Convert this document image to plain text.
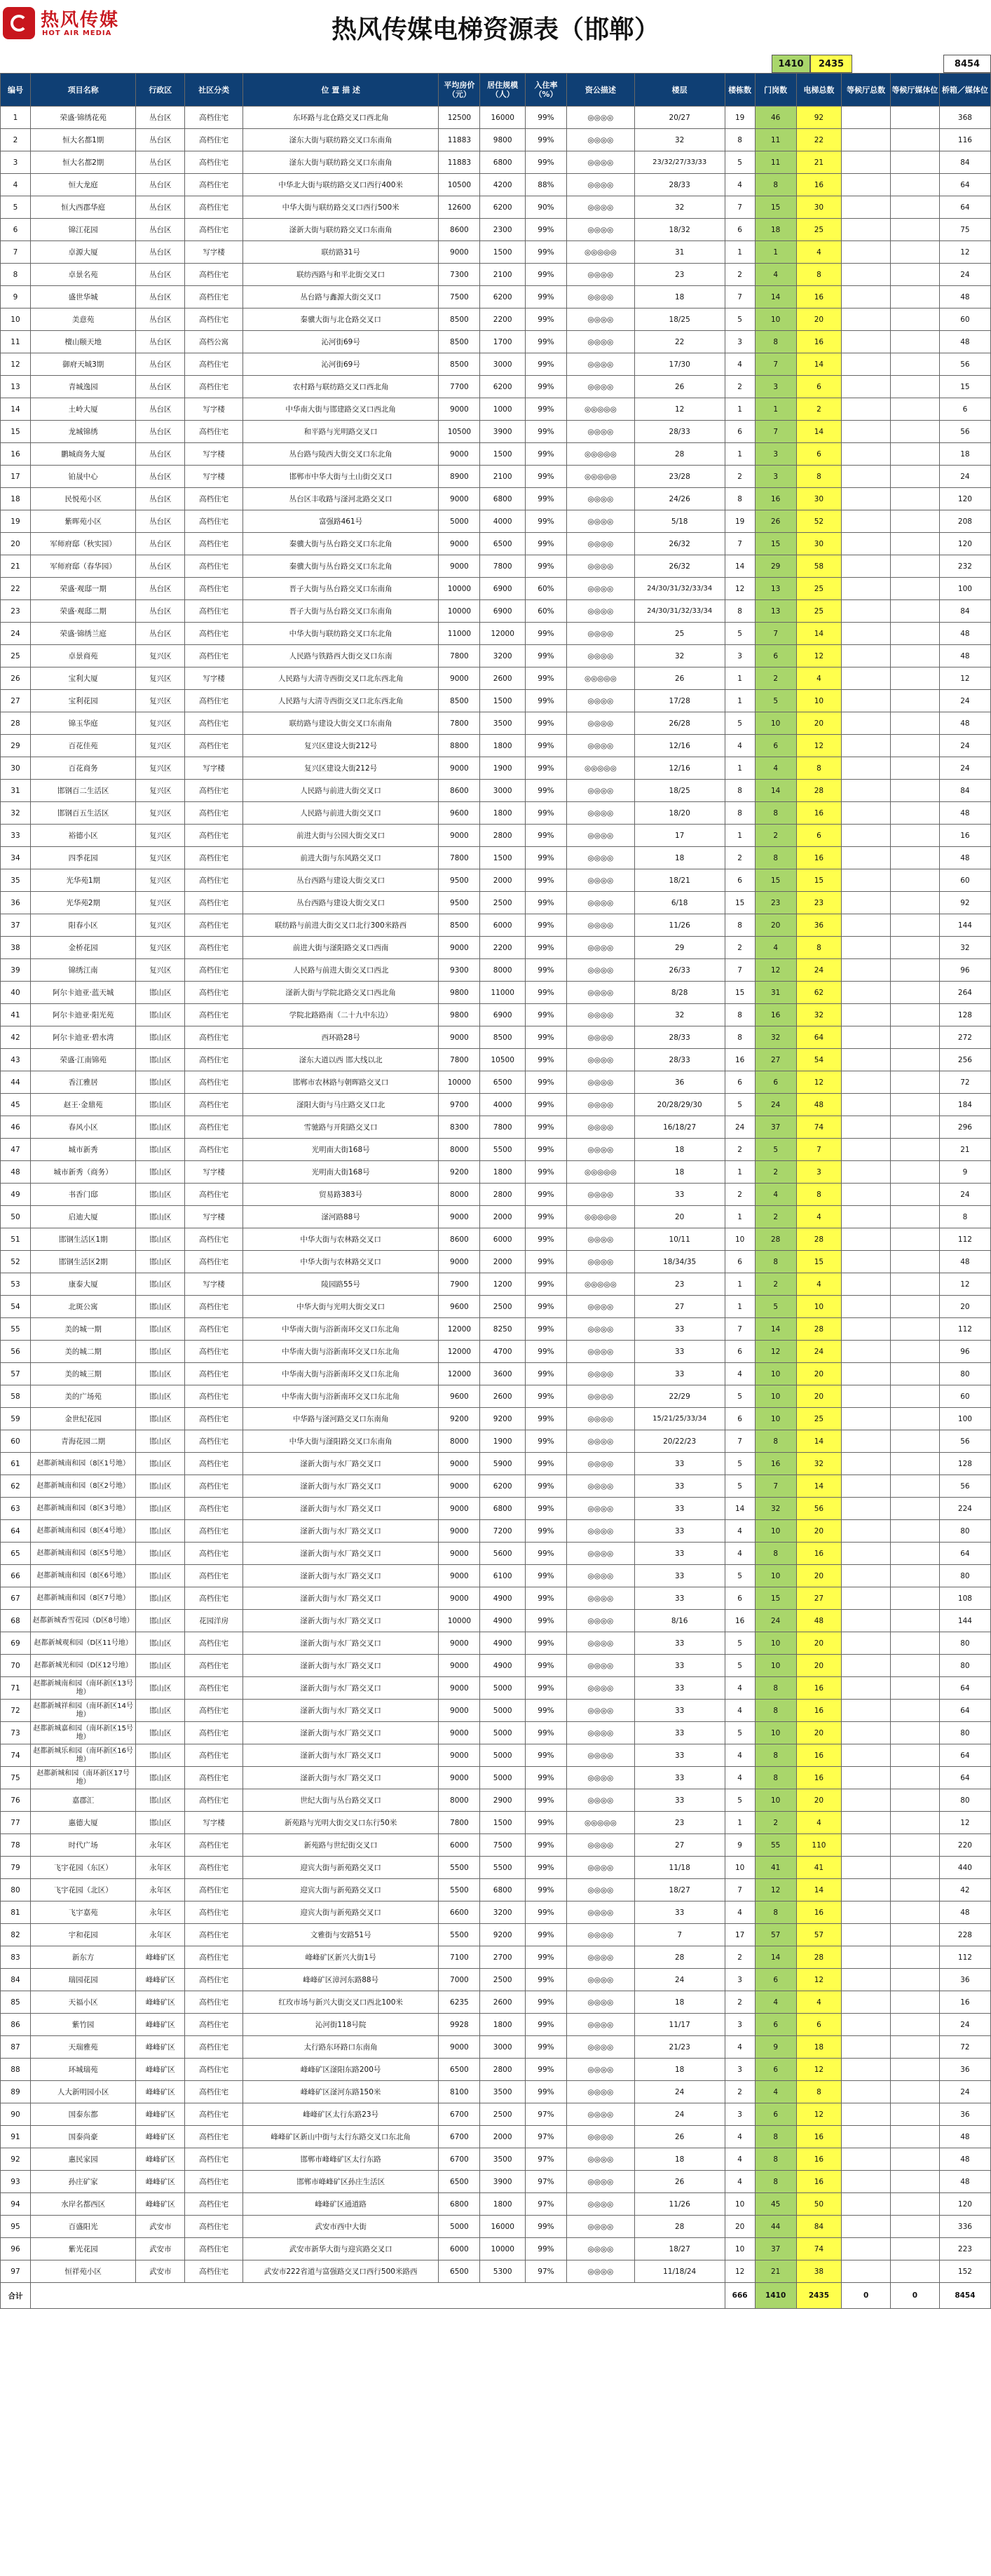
热风传媒
HOT AIR MEDIA	热风传媒电梯资源表（邯郸）
1410	2435	8454
编号	项目名称	行政区	社区分类	位 置 描 述	平均房价（元）	居住规模（人）	入住率（%）	资公描述	楼层	楼栋数	门岗数	电梯总数	等候厅总数	等候厅媒体位	桥箱／媒体位
1	荣盛·锦绣花苑	丛台区	高档住宅	东环路与北仓路交叉口西北角	12500	16000	99%	◎◎◎◎	20/27	19	46	92			368
2	恒大名都1期	丛台区	高档住宅	滏东大街与联纺路交叉口东南角	11883	9800	99%	◎◎◎◎	32	8	11	22			116
3	恒大名都2期	丛台区	高档住宅	滏东大街与联纺路交叉口东南角	11883	6800	99%	◎◎◎◎	23/32/27/33/33	5	11	21			84
4	恒大龙庭	丛台区	高档住宅	中华北大街与联纺路交叉口西行400米	10500	4200	88%	◎◎◎◎	28/33	4	8	16			64
5	恒大西郡华庭	丛台区	高档住宅	中华大街与联纺路交叉口西行500米	12600	6200	90%	◎◎◎◎	32	7	15	30			64
6	锦江花园	丛台区	高档住宅	滏新大街与联纺路交叉口东南角	8600	2300	99%	◎◎◎◎	18/32	6	18	25			75
7	卓源大厦	丛台区	写字楼	联纺路31号	9000	1500	99%	◎◎◎◎◎	31	1	1	4			12
8	卓景名苑	丛台区	高档住宅	联纺西路与和平北街交叉口	7300	2100	99%	◎◎◎◎	23	2	4	8			24
9	盛世华城	丛台区	高档住宅	丛台路与鑫源大街交叉口	7500	6200	99%	◎◎◎◎	18	7	14	16			48
10	美意苑	丛台区	高档住宅	秦骥大街与北仓路交叉口	8500	2200	99%	◎◎◎◎	18/25	5	10	20			60
11	檀山颐天地	丛台区	高档公寓	沁河街69号	8500	1700	99%	◎◎◎◎	22	3	8	16			48
12	御府天城3期	丛台区	高档住宅	沁河街69号	8500	3000	99%	◎◎◎◎	17/30	4	7	14			56
13	青城逸园	丛台区	高档住宅	农村路与联纺路交叉口西北角	7700	6200	99%	◎◎◎◎	26	2	3	6			15
14	土岭大厦	丛台区	写字楼	中华南大街与邯建路交叉口西北角	9000	1000	99%	◎◎◎◎◎	12	1	1	2			6
15	龙城锦绣	丛台区	高档住宅	和平路与光明路交叉口	10500	3900	99%	◎◎◎◎	28/33	6	7	14			56
16	鹏城商务大厦	丛台区	写字楼	丛台路与陵西大街交叉口东北角	9000	1500	99%	◎◎◎◎◎	28	1	3	6			18
17	铂晟中心	丛台区	写字楼	邯郸市中华大街与土山街交叉口	8900	2100	99%	◎◎◎◎◎	23/28	2	3	8			24
18	民悦苑小区	丛台区	高档住宅	丛台区丰收路与滏河北路交叉口	9000	6800	99%	◎◎◎◎	24/26	8	16	30			120
19	紫晖苑小区	丛台区	高档住宅	富强路461号	5000	4000	99%	◎◎◎◎	5/18	19	26	52			208
20	军师府邸（秋实园）	丛台区	高档住宅	秦骥大街与丛台路交叉口东北角	9000	6500	99%	◎◎◎◎	26/32	7	15	30			120
21	军师府邸（春华园）	丛台区	高档住宅	秦骥大街与丛台路交叉口东北角	9000	7800	99%	◎◎◎◎	26/32	14	29	58			232
22	荣盛·观邸一期	丛台区	高档住宅	晋子大街与丛台路交叉口东南角	10000	6900	60%	◎◎◎◎	24/30/31/32/33/34	12	13	25			100
23	荣盛·观邸二期	丛台区	高档住宅	晋子大街与丛台路交叉口东南角	10000	6900	60%	◎◎◎◎	24/30/31/32/33/34	8	13	25			84
24	荣盛·锦绣兰庭	丛台区	高档住宅	中华大街与联纺路交叉口东北角	11000	12000	99%	◎◎◎◎	25	5	7	14			48
25	卓景商苑	复兴区	高档住宅	人民路与铁路西大街交叉口东南	7800	3200	99%	◎◎◎◎	32	3	6	12			48
26	宝利大厦	复兴区	写字楼	人民路与大清寺西街交叉口北东西北角	9000	2600	99%	◎◎◎◎◎	26	1	2	4			12
27	宝利花园	复兴区	高档住宅	人民路与大清寺西街交叉口北东西北角	8500	1500	99%	◎◎◎◎	17/28	1	5	10			24
28	锦玉华庭	复兴区	高档住宅	联纺路与建设大街交叉口东南角	7800	3500	99%	◎◎◎◎	26/28	5	10	20			48
29	百花佳苑	复兴区	高档住宅	复兴区建设大街212号	8800	1800	99%	◎◎◎◎	12/16	4	6	12			24
30	百花商务	复兴区	写字楼	复兴区建设大街212号	9000	1900	99%	◎◎◎◎◎	12/16	1	4	8			24
31	邯钢百二生活区	复兴区	高档住宅	人民路与前进大街交叉口	8600	3000	99%	◎◎◎◎	18/25	8	14	28			84
32	邯钢百五生活区	复兴区	高档住宅	人民路与前进大街交叉口	9600	1800	99%	◎◎◎◎	18/20	8	8	16			48
33	裕德小区	复兴区	高档住宅	前进大街与公园大街交叉口	9000	2800	99%	◎◎◎◎	17	1	2	6			16
34	四季花园	复兴区	高档住宅	前进大街与东风路交叉口	7800	1500	99%	◎◎◎◎	18	2	8	16			48
35	光华苑1期	复兴区	高档住宅	丛台西路与建设大街交叉口	9500	2000	99%	◎◎◎◎	18/21	6	15	15			60
36	光华苑2期	复兴区	高档住宅	丛台西路与建设大街交叉口	9500	2500	99%	◎◎◎◎	6/18	15	23	23			92
37	阳春小区	复兴区	高档住宅	联纺路与前进大街交叉口北行300米路西	8500	6000	99%	◎◎◎◎	11/26	8	20	36			144
38	金桥花园	复兴区	高档住宅	前进大街与滏阳路交叉口西南	9000	2200	99%	◎◎◎◎	29	2	4	8			32
39	锦绣江南	复兴区	高档住宅	人民路与前进大街交叉口西北	9300	8000	99%	◎◎◎◎	26/33	7	12	24			96
40	阿尔卡迪亚·蓝天城	邯山区	高档住宅	滏新大街与学院北路交叉口西北角	9800	11000	99%	◎◎◎◎	8/28	15	31	62			264
41	阿尔卡迪亚·阳光苑	邯山区	高档住宅	学院北路路南（二十九中东边）	9800	6900	99%	◎◎◎◎	32	8	16	32			128
42	阿尔卡迪亚·碧水湾	邯山区	高档住宅	西环路28号	9000	8500	99%	◎◎◎◎	28/33	8	32	64			272
43	荣盛·江南锦苑	邯山区	高档住宅	滏东大道以西 邯大线以北	7800	10500	99%	◎◎◎◎	28/33	16	27	54			256
44	香江雅居	邯山区	高档住宅	邯郸市农林路与朝晖路交叉口	10000	6500	99%	◎◎◎◎	36	6	6	12			72
45	赵王·金鼎苑	邯山区	高档住宅	滏阳大街与马庄路交叉口北	9700	4000	99%	◎◎◎◎	20/28/29/30	5	24	48			184
46	春风小区	邯山区	高档住宅	雪驰路与开阳路交叉口	8300	7800	99%	◎◎◎◎	16/18/27	24	37	74			296
47	城市新秀	邯山区	高档住宅	光明南大街168号	8000	5500	99%	◎◎◎◎	18	2	5	7			21
48	城市新秀（商务）	邯山区	写字楼	光明南大街168号	9200	1800	99%	◎◎◎◎◎	18	1	2	3			9
49	书香门邸	邯山区	高档住宅	贸易路383号	8000	2800	99%	◎◎◎◎	33	2	4	8			24
50	启迪大厦	邯山区	写字楼	滏河路88号	9000	2000	99%	◎◎◎◎◎	20	1	2	4			8
51	邯钢生活区1期	邯山区	高档住宅	中华大街与农林路交叉口	8600	6000	99%	◎◎◎◎	10/11	10	28	28			112
52	邯钢生活区2期	邯山区	高档住宅	中华大街与农林路交叉口	9000	2000	99%	◎◎◎◎	18/34/35	6	8	15			48
53	康泰大厦	邯山区	写字楼	陵园路55号	7900	1200	99%	◎◎◎◎◎	23	1	2	4			12
54	北斑公寓	邯山区	高档住宅	中华大街与光明大街交叉口	9600	2500	99%	◎◎◎◎	27	1	5	10			20
55	美的城一期	邯山区	高档住宅	中华南大街与浴新南环交叉口东北角	12000	8250	99%	◎◎◎◎	33	7	14	28			112
56	美的城二期	邯山区	高档住宅	中华南大街与浴新南环交叉口东北角	12000	4700	99%	◎◎◎◎	33	6	12	24			96
57	美的城三期	邯山区	高档住宅	中华南大街与浴新南环交叉口东北角	12000	3600	99%	◎◎◎◎	33	4	10	20			80
58	美的广场苑	邯山区	高档住宅	中华南大街与浴新南环交叉口东北角	9600	2600	99%	◎◎◎◎	22/29	5	10	20			60
59	金世纪花园	邯山区	高档住宅	中华路与滏河路交叉口东南角	9200	9200	99%	◎◎◎◎	15/21/25/33/34	6	10	25			100
60	青海花园二期	邯山区	高档住宅	中华大街与滏阳路交叉口东南角	8000	1900	99%	◎◎◎◎	20/22/23	7	8	14			56
61	赵都新城南和园（8区1号地）	邯山区	高档住宅	滏新大街与水厂路交叉口	9000	5900	99%	◎◎◎◎	33	5	16	32			128
62	赵都新城南和园（8区2号地）	邯山区	高档住宅	滏新大街与水厂路交叉口	9000	6200	99%	◎◎◎◎	33	5	7	14			56
63	赵都新城南和园（8区3号地）	邯山区	高档住宅	滏新大街与水厂路交叉口	9000	6800	99%	◎◎◎◎	33	14	32	56			224
64	赵都新城南和园（8区4号地）	邯山区	高档住宅	滏新大街与水厂路交叉口	9000	7200	99%	◎◎◎◎	33	4	10	20			80
65	赵都新城南和园（8区5号地）	邯山区	高档住宅	滏新大街与水厂路交叉口	9000	5600	99%	◎◎◎◎	33	4	8	16			64
66	赵都新城南和园（8区6号地）	邯山区	高档住宅	滏新大街与水厂路交叉口	9000	6100	99%	◎◎◎◎	33	5	10	20			80
67	赵都新城南和园（8区7号地）	邯山区	高档住宅	滏新大街与水厂路交叉口	9000	4900	99%	◎◎◎◎	33	6	15	27			108
68	赵都新城香雪花园（D区8号地）	邯山区	花园洋房	滏新大街与水厂路交叉口	10000	4900	99%	◎◎◎◎	8/16	16	24	48			144
69	赵都新城观和园（D区11号地）	邯山区	高档住宅	滏新大街与水厂路交叉口	9000	4900	99%	◎◎◎◎	33	5	10	20			80
70	赵都新城光和园（D区12号地）	邯山区	高档住宅	滏新大街与水厂路交叉口	9000	4900	99%	◎◎◎◎	33	5	10	20			80
71	赵都新城南和园（南环新区13号地）	邯山区	高档住宅	滏新大街与水厂路交叉口	9000	5000	99%	◎◎◎◎	33	4	8	16			64
72	赵都新城祥和园（南环新区14号地）	邯山区	高档住宅	滏新大街与水厂路交叉口	9000	5000	99%	◎◎◎◎	33	4	8	16			64
73	赵都新城嘉和园（南环新区15号地）	邯山区	高档住宅	滏新大街与水厂路交叉口	9000	5000	99%	◎◎◎◎	33	5	10	20			80
74	赵都新城乐和园（南环新区16号地）	邯山区	高档住宅	滏新大街与水厂路交叉口	9000	5000	99%	◎◎◎◎	33	4	8	16			64
75	赵都新城和园（南环新区17号地）	邯山区	高档住宅	滏新大街与水厂路交叉口	9000	5000	99%	◎◎◎◎	33	4	8	16			64
76	嘉郡汇	邯山区	高档住宅	世纪大街与丛台路交叉口	8000	2900	99%	◎◎◎◎	33	5	10	20			80
77	惠德大厦	邯山区	写字楼	新苑路与光明大街交叉口东行50米	7800	1500	99%	◎◎◎◎◎	23	1	2	4			12
78	时代广场	永年区	高档住宅	新苑路与世纪街交叉口	6000	7500	99%	◎◎◎◎	27	9	55	110			220
79	飞宇花园（东区）	永年区	高档住宅	迎宾大街与新苑路交叉口	5500	5500	99%	◎◎◎◎	11/18	10	41	41			440
80	飞宇花园（北区）	永年区	高档住宅	迎宾大街与新苑路交叉口	5500	6800	99%	◎◎◎◎	18/27	7	12	14			42
81	飞宇嘉苑	永年区	高档住宅	迎宾大街与新苑路交叉口	6600	3200	99%	◎◎◎◎	33	4	8	16			48
82	宇和花园	永年区	高档住宅	文雅街与安路51号	5500	9200	99%	◎◎◎◎	7	17	57	57			228
83	新东方	峰峰矿区	高档住宅	峰峰矿区新兴大街1号	7100	2700	99%	◎◎◎◎	28	2	14	28			112
84	瑞园花园	峰峰矿区	高档住宅	峰峰矿区漳河东路88号	7000	2500	99%	◎◎◎◎	24	3	6	12			36
85	天福小区	峰峰矿区	高档住宅	红玫市场与新兴大街交叉口西北100米	6235	2600	99%	◎◎◎◎	18	2	4	4			16
86	紫竹园	峰峰矿区	高档住宅	沁河街118号院	9928	1800	99%	◎◎◎◎	11/17	3	6	6			24
87	天瑞雅苑	峰峰矿区	高档住宅	太行路东环路口东南角	9000	3000	99%	◎◎◎◎	21/23	4	9	18			72
88	环城瑞苑	峰峰矿区	高档住宅	峰峰矿区滏阳东路200号	6500	2800	99%	◎◎◎◎	18	3	6	12			36
89	人大新明园小区	峰峰矿区	高档住宅	峰峰矿区滏河东路150米	8100	3500	99%	◎◎◎◎	24	2	4	8			24
90	国泰东都	峰峰矿区	高档住宅	峰峰矿区太行东路23号	6700	2500	97%	◎◎◎◎	24	3	6	12			36
91	国泰尚豪	峰峰矿区	高档住宅	峰峰矿区新山中街与太行东路交叉口东北角	6700	2000	97%	◎◎◎◎	26	4	8	16			48
92	惠民家园	峰峰矿区	高档住宅	邯郸市峰峰矿区太行东路	6700	3500	97%	◎◎◎◎	18	4	8	16			48
93	孙庄矿家	峰峰矿区	高档住宅	邯郸市峰峰矿区孙庄生活区	6500	3900	97%	◎◎◎◎	26	4	8	16			48
94	水岸名都西区	峰峰矿区	高档住宅	峰峰矿区通道路	6800	1800	97%	◎◎◎◎	11/26	10	45	50			120
95	百盛阳光	武安市	高档住宅	武安市西中大街	5000	16000	99%	◎◎◎◎	28	20	44	84			336
96	紫光花园	武安市	高档住宅	武安市新华大街与迎宾路交叉口	6000	10000	99%	◎◎◎◎	18/27	10	37	74			223
97	恒祥苑小区	武安市	高档住宅	武安市222省道与富强路交叉口西行500米路西	6500	5300	97%	◎◎◎◎	11/18/24	12	21	38			152
合计										666	1410	2435	0	0	8454
